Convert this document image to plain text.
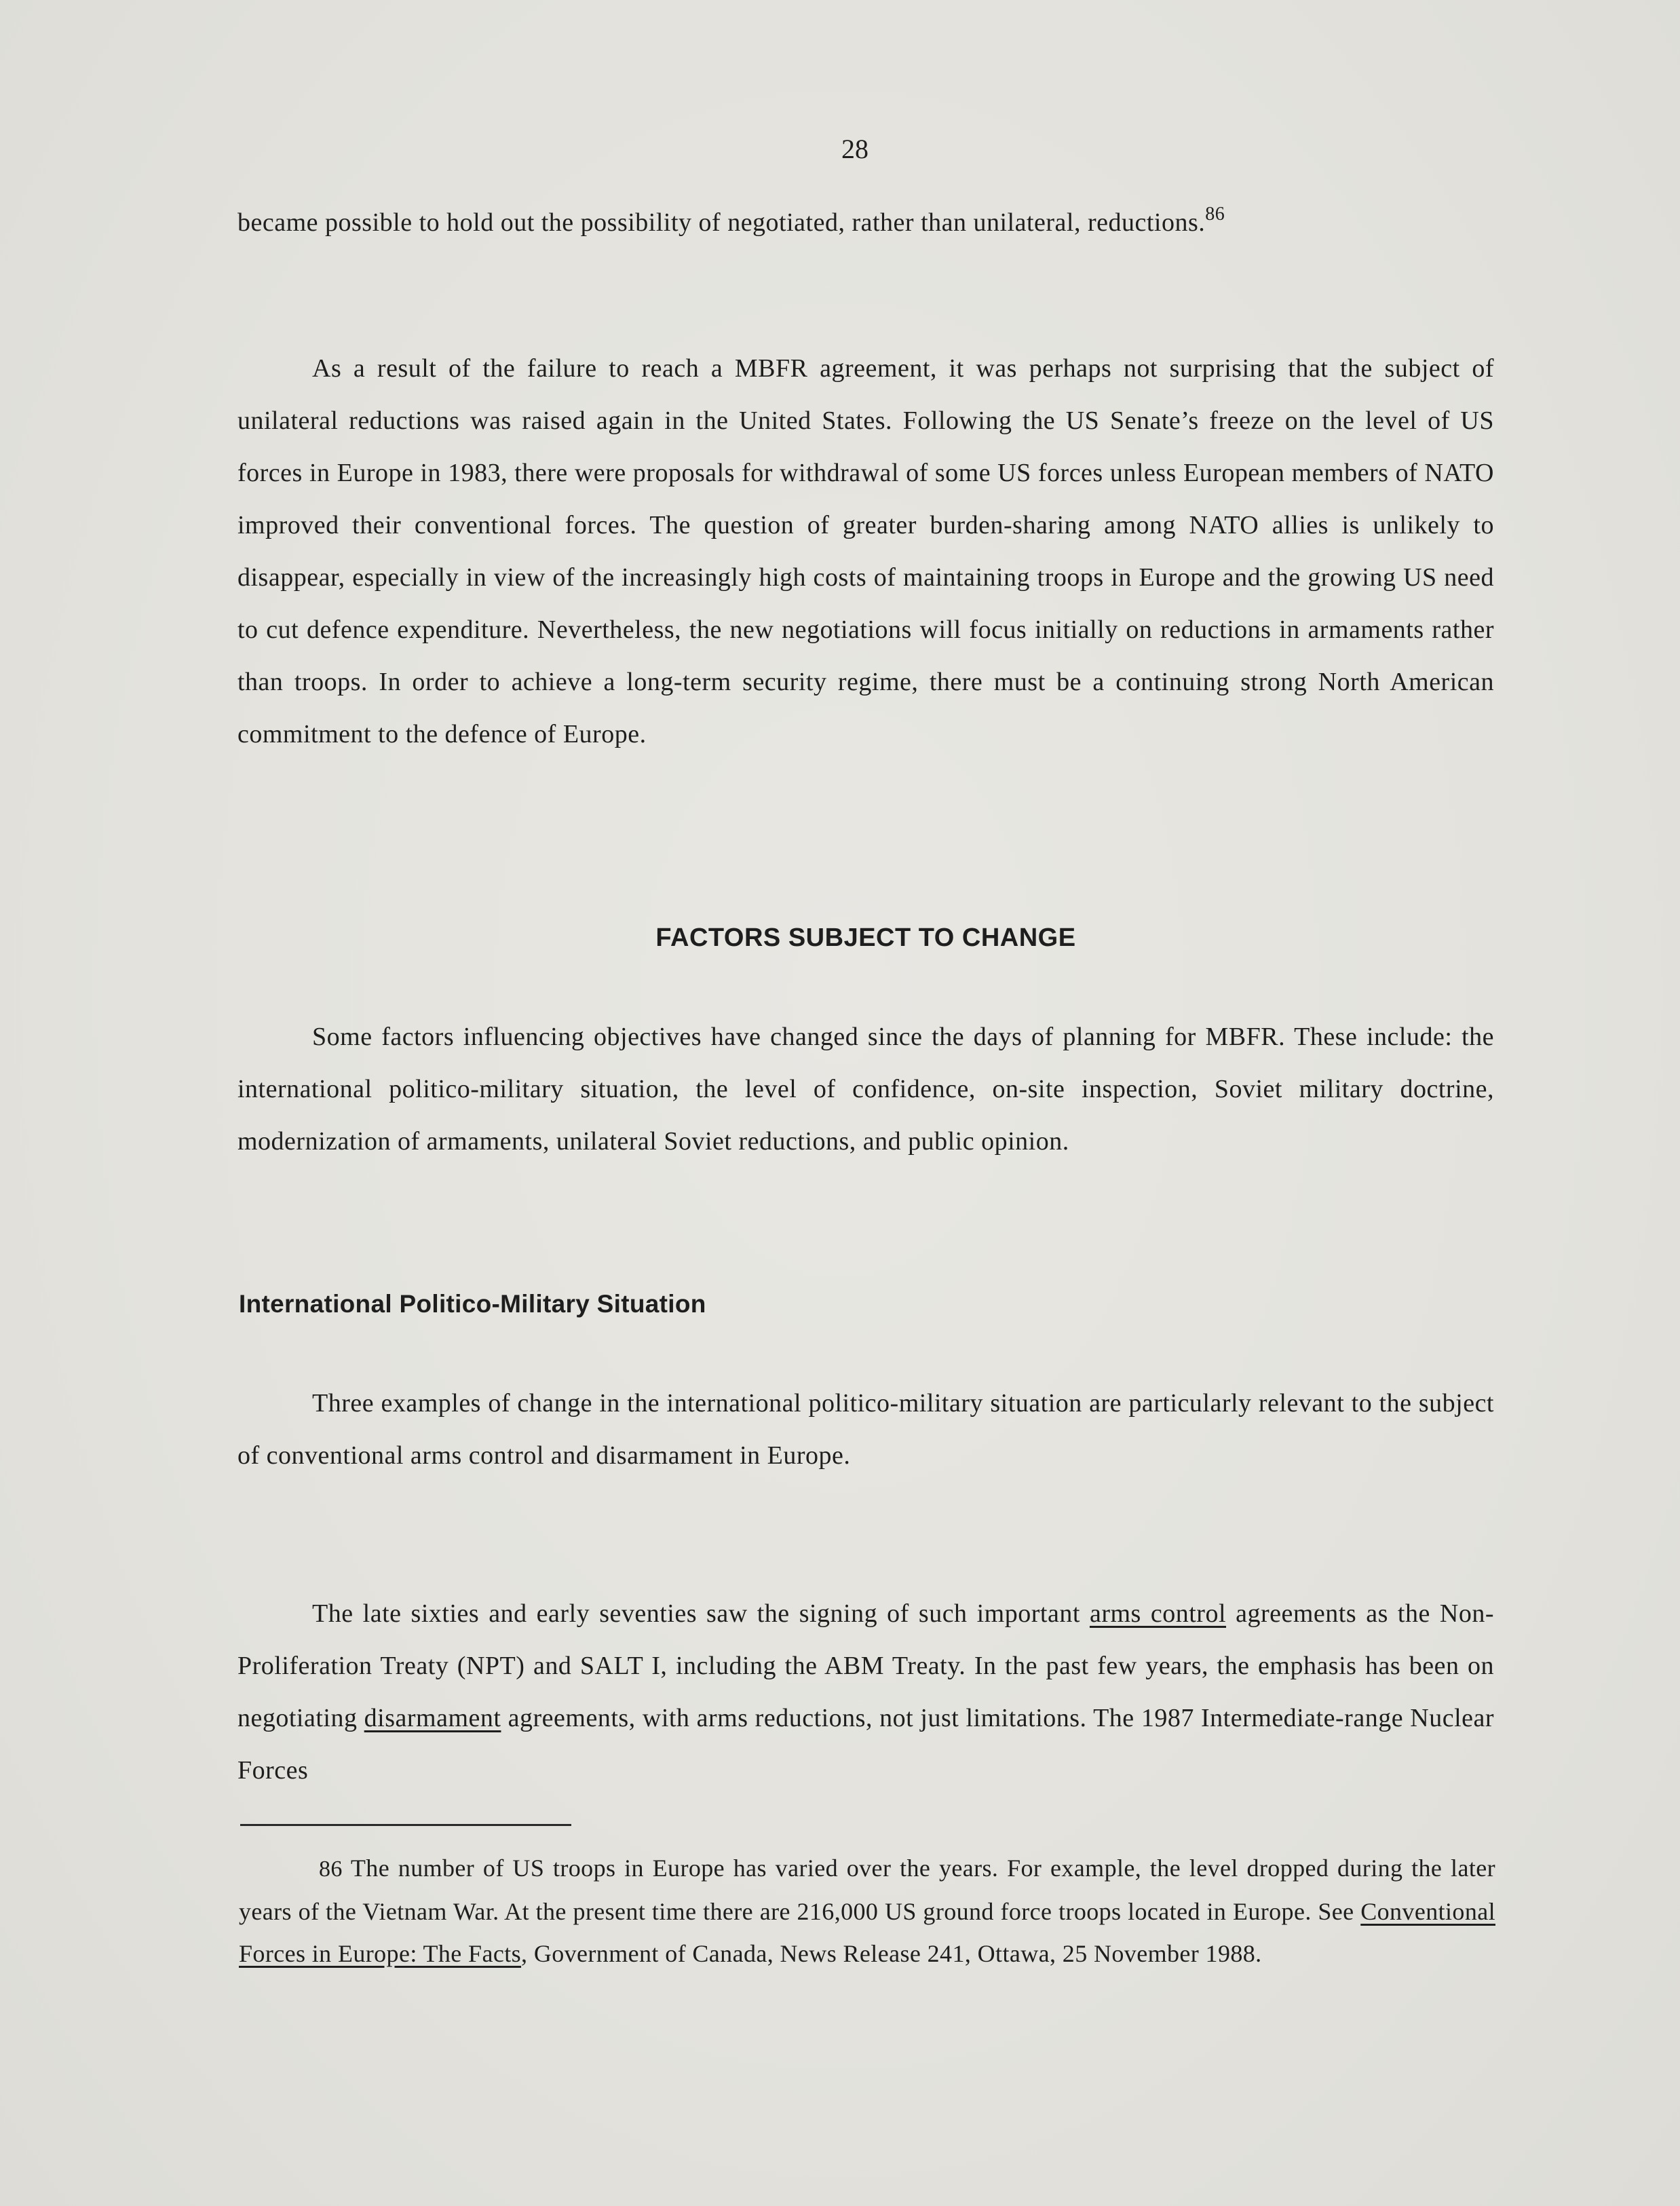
28

became possible to hold out the possibility of negotiated, rather than unilateral, reductions.$^{86}$

As a result of the failure to reach a MBFR agreement, it was perhaps not surprising that the subject of unilateral reductions was raised again in the United States. Following the US Senate’s freeze on the level of US forces in Europe in 1983, there were proposals for withdrawal of some US forces unless European members of NATO improved their conventional forces. The question of greater burden-sharing among NATO allies is unlikely to disappear, especially in view of the increasingly high costs of maintaining troops in Europe and the growing US need to cut defence expenditure. Nevertheless, the new negotiations will focus initially on reductions in armaments rather than troops. In order to achieve a long-term security regime, there must be a continuing strong North American commitment to the defence of Europe.

FACTORS SUBJECT TO CHANGE

Some factors influencing objectives have changed since the days of planning for MBFR. These include: the international politico-military situation, the level of confidence, on-site inspection, Soviet military doctrine, modernization of armaments, unilateral Soviet reductions, and public opinion.

International Politico-Military Situation

Three examples of change in the international politico-military situation are particularly relevant to the subject of conventional arms control and disarmament in Europe.

The late sixties and early seventies saw the signing of such important arms control agreements as the Non-Proliferation Treaty (NPT) and SALT I, including the ABM Treaty. In the past few years, the emphasis has been on negotiating disarmament agreements, with arms reductions, not just limitations. The 1987 Intermediate-range Nuclear Forces

86 The number of US troops in Europe has varied over the years. For example, the level dropped during the later years of the Vietnam War. At the present time there are 216,000 US ground force troops located in Europe. See Conventional Forces in Europe: The Facts, Government of Canada, News Release 241, Ottawa, 25 November 1988.
